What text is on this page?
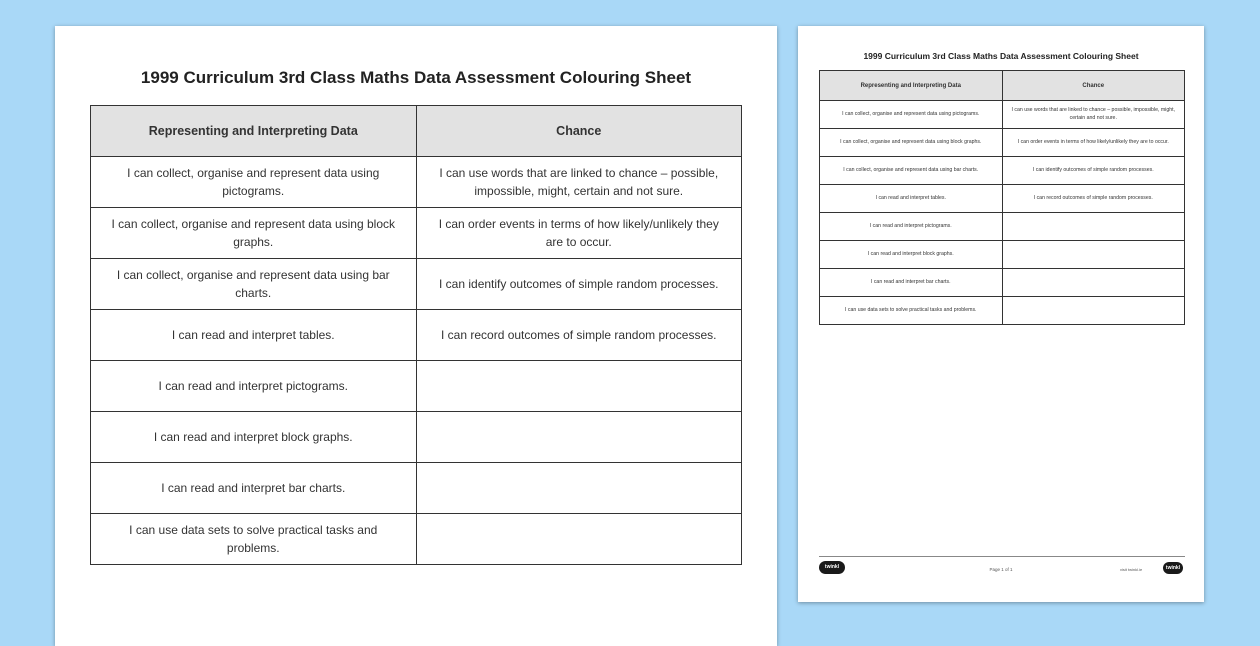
1999 Curriculum 3rd Class Maths Data Assessment Colouring Sheet
Representing and Interpreting Data	Chance
I can collect, organise and represent data using pictograms.	I can use words that are linked to chance – possible, impossible, might, certain and not sure.
I can collect, organise and represent data using block graphs.	I can order events in terms of how likely/unlikely they are to occur.
I can collect, organise and represent data using bar charts.	I can identify outcomes of simple random processes.
I can read and interpret tables.	I can record outcomes of simple random processes.
I can read and interpret pictograms.	
I can read and interpret block graphs.	
I can read and interpret bar charts.	
I can use data sets to solve practical tasks and problems.	
1999 Curriculum 3rd Class Maths Data Assessment Colouring Sheet
Representing and Interpreting Data	Chance
I can collect, organise and represent data using pictograms.	I can use words that are linked to chance – possible, impossible, might, certain and not sure.
I can collect, organise and represent data using block graphs.	I can order events in terms of how likely/unlikely they are to occur.
I can collect, organise and represent data using bar charts.	I can identify outcomes of simple random processes.
I can read and interpret tables.	I can record outcomes of simple random processes.
I can read and interpret pictograms.	
I can read and interpret block graphs.	
I can read and interpret bar charts.	
I can use data sets to solve practical tasks and problems.	
twinkl	Page 1 of 1	visit twinkl.ie	twinkl
